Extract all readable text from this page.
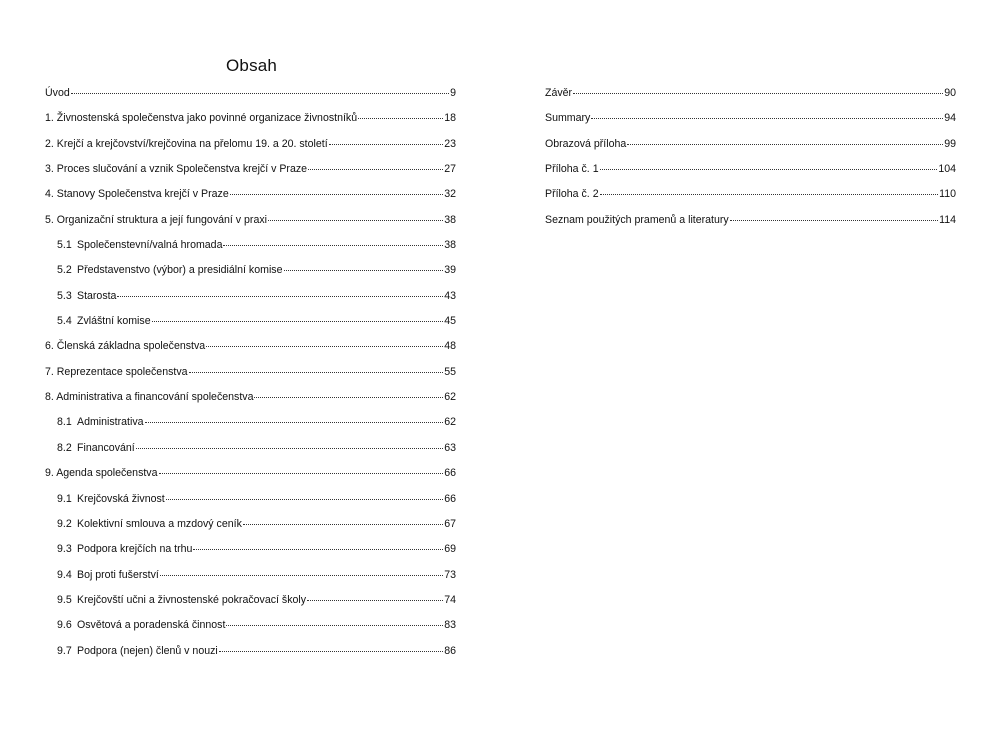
Obsah
Úvod	9
1. Živnostenská společenstva jako povinné organizace živnostníků	18
2. Krejčí a krejčovství/krejčovina na přelomu 19. a 20. století	23
3. Proces slučování a vznik Společenstva krejčí v Praze	27
4. Stanovy Společenstva krejčí v Praze	32
5. Organizační struktura a její fungování v praxi	38
5.1 Společenstevní/valná hromada	38
5.2 Představenstvo (výbor) a presidiální komise	39
5.3 Starosta	43
5.4 Zvláštní komise	45
6. Členská základna společenstva	48
7. Reprezentace společenstva	55
8. Administrativa a financování společenstva	62
8.1 Administrativa	62
8.2 Financování	63
9. Agenda společenstva	66
9.1 Krejčovská živnost	66
9.2 Kolektivní smlouva a mzdový ceník	67
9.3 Podpora krejčích na trhu	69
9.4 Boj proti fušerství	73
9.5 Krejčovští učni a živnostenské pokračovací školy	74
9.6 Osvětová a poradenská činnost	83
9.7 Podpora (nejen) členů v nouzi	86
Závěr	90
Summary	94
Obrazová příloha	99
Příloha č. 1	104
Příloha č. 2	110
Seznam použitých pramenů a literatury	114
